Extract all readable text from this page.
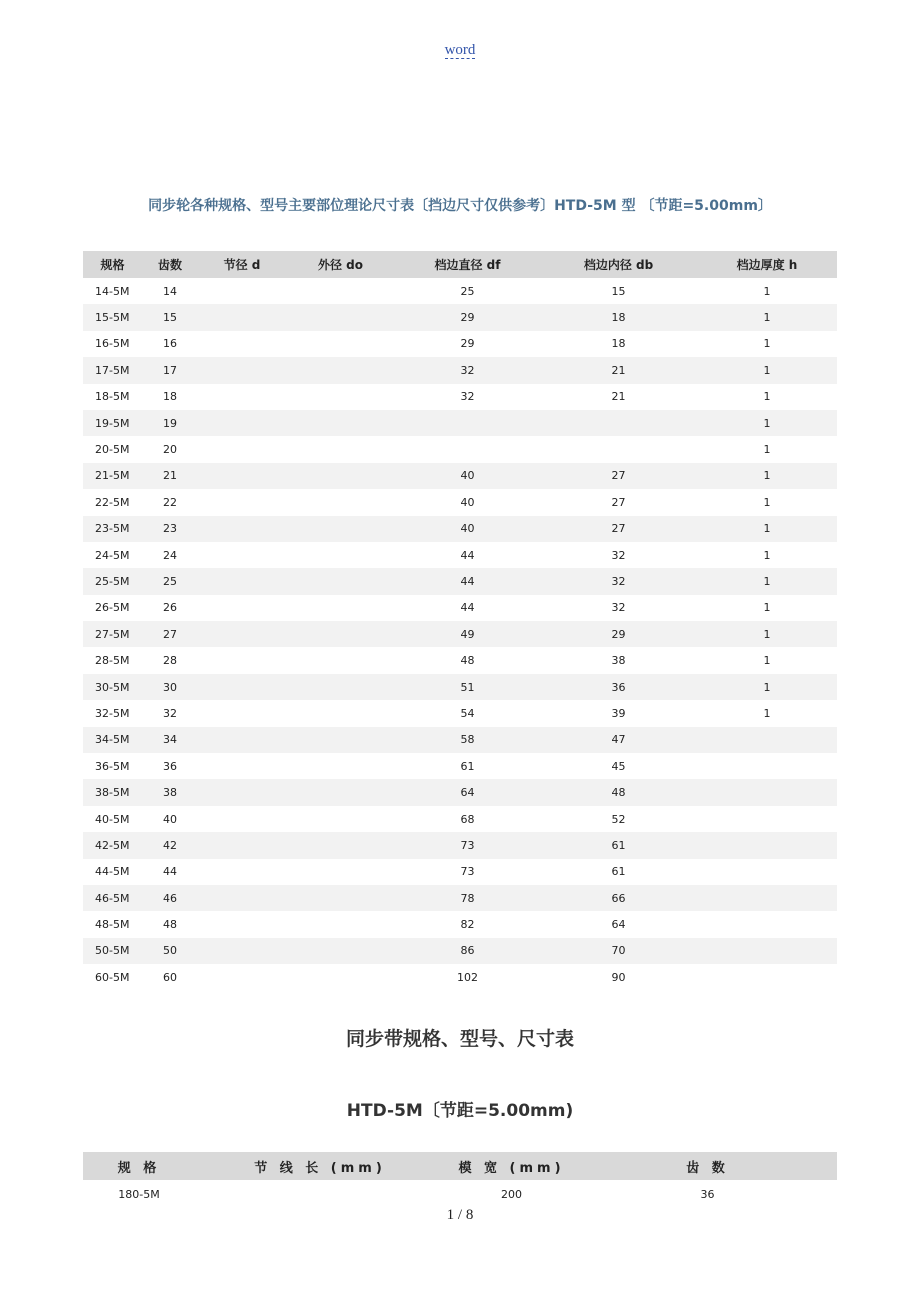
word
同步轮各种规格、型号主要部位理论尺寸表〔挡边尺寸仅供参考〕HTD-5M 型 〔节距=5.00mm〕
规格	齿数	节径 d	外径 do	档边直径 df	档边内径 db	档边厚度 h
14-5M	14			25	15	1
15-5M	15			29	18	1
16-5M	16			29	18	1
17-5M	17			32	21	1
18-5M	18			32	21	1
19-5M	19					1
20-5M	20					1
21-5M	21			40	27	1
22-5M	22			40	27	1
23-5M	23			40	27	1
24-5M	24			44	32	1
25-5M	25			44	32	1
26-5M	26			44	32	1
27-5M	27			49	29	1
28-5M	28			48	38	1
30-5M	30			51	36	1
32-5M	32			54	39	1
34-5M	34			58	47	
36-5M	36			61	45	
38-5M	38			64	48	
40-5M	40			68	52	
42-5M	42			73	61	
44-5M	44			73	61	
46-5M	46			78	66	
48-5M	48			82	64	
50-5M	50			86	70	
60-5M	60			102	90	
同步带规格、型号、尺寸表
HTD-5M〔节距=5.00mm)
规 格	节 线 长 (mm)	模 宽 (mm)	齿 数
180-5M		200	36
1 / 8
